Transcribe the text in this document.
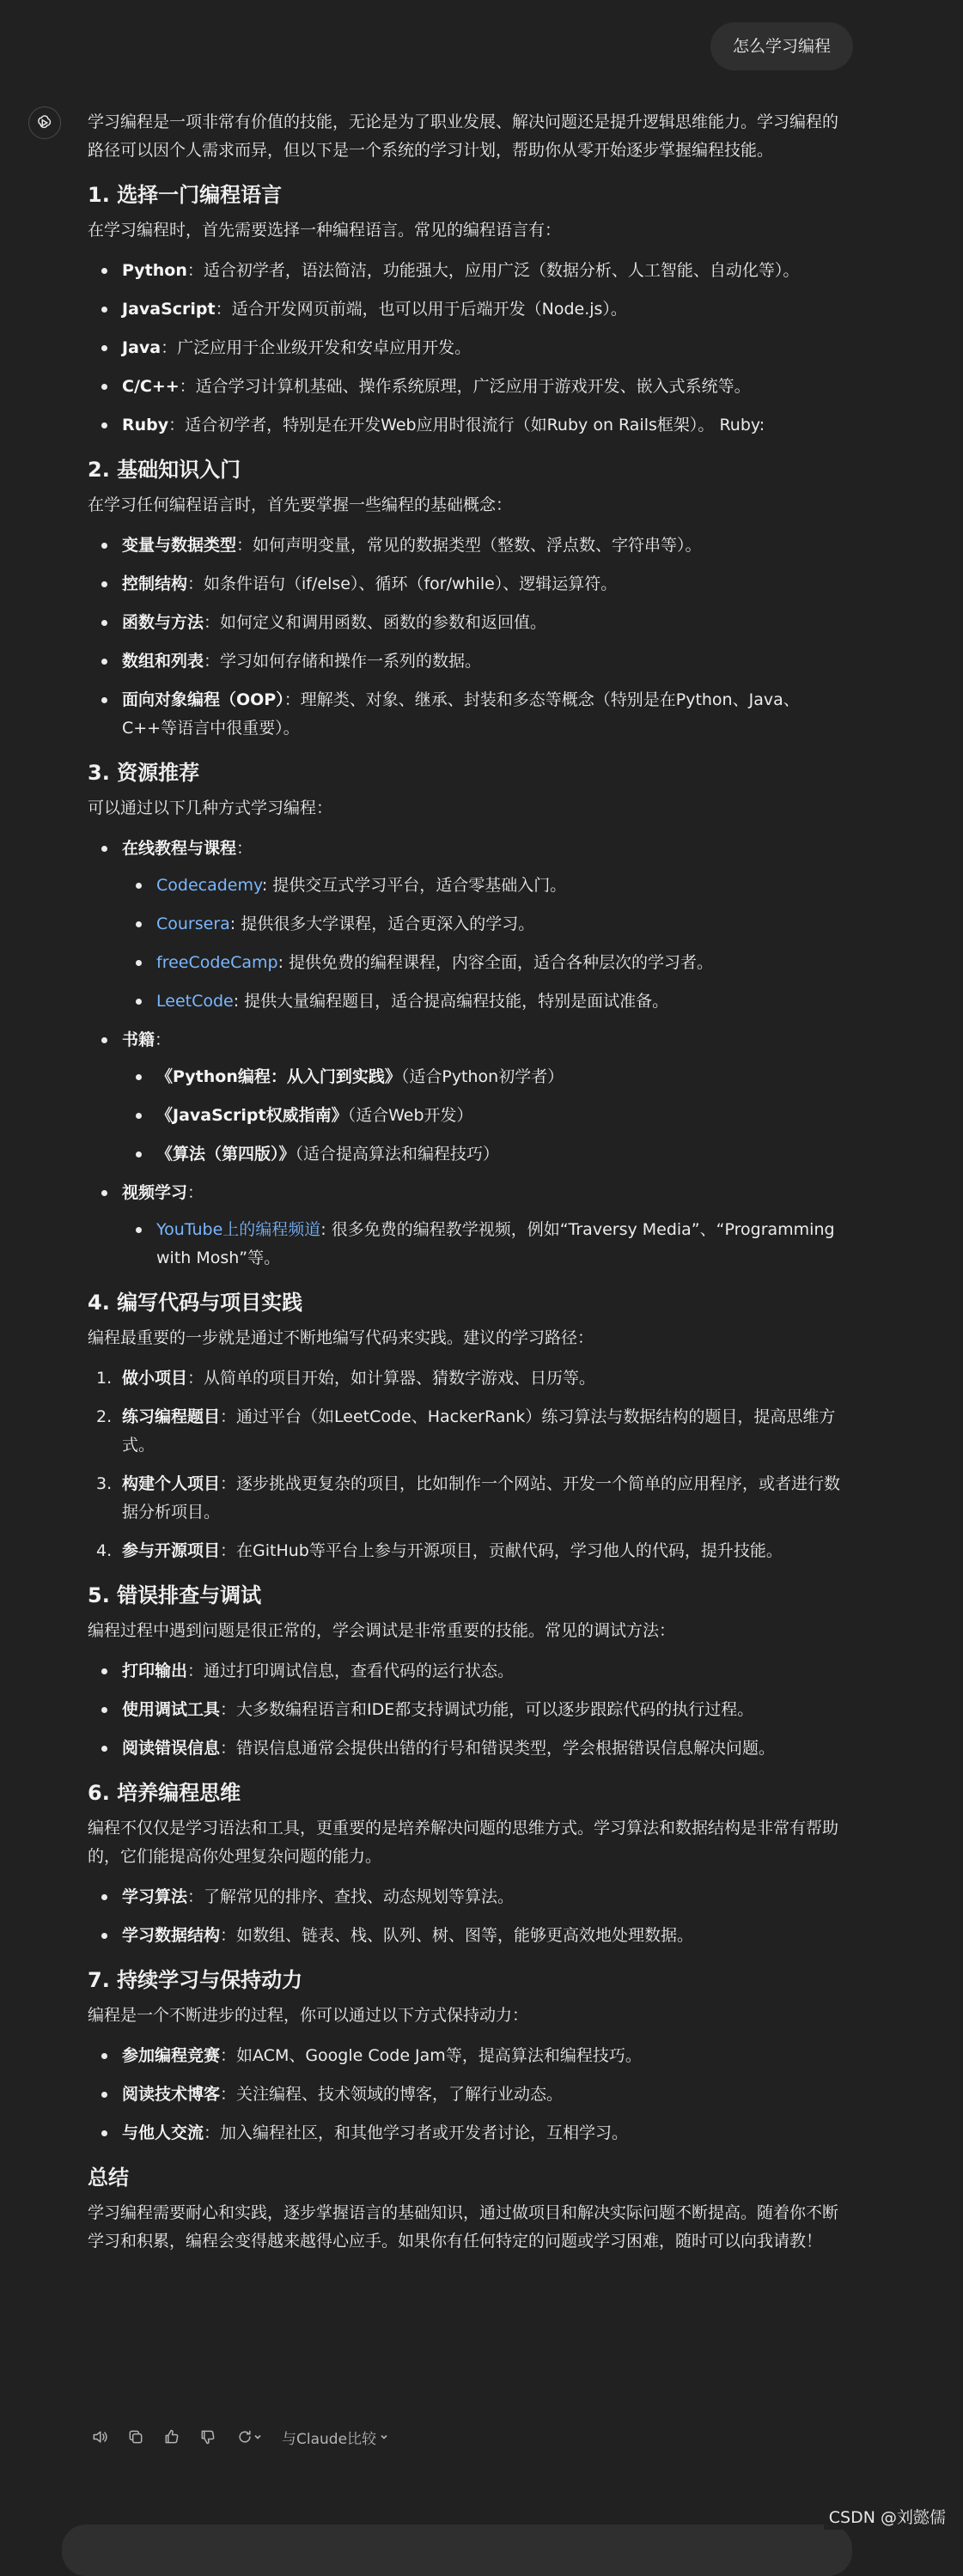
怎么学习编程

学习编程是一项非常有价值的技能，无论是为了职业发展、解决问题还是提升逻辑思维能力。学习编程的路径可以因个人需求而异，但以下是一个系统的学习计划，帮助你从零开始逐步掌握编程技能。

1. 选择一门编程语言

在学习编程时，首先需要选择一种编程语言。常见的编程语言有：

Python：适合初学者，语法简洁，功能强大，应用广泛（数据分析、人工智能、自动化等）。
JavaScript：适合开发网页前端，也可以用于后端开发（Node.js）。
Java：广泛应用于企业级开发和安卓应用开发。
C/C++：适合学习计算机基础、操作系统原理，广泛应用于游戏开发、嵌入式系统等。
Ruby：适合初学者，特别是在开发Web应用时很流行（如Ruby on Rails框架）。 Ruby:
2. 基础知识入门

在学习任何编程语言时，首先要掌握一些编程的基础概念：

变量与数据类型：如何声明变量，常见的数据类型（整数、浮点数、字符串等）。
控制结构：如条件语句（if/else）、循环（for/while）、逻辑运算符。
函数与方法：如何定义和调用函数、函数的参数和返回值。
数组和列表：学习如何存储和操作一系列的数据。
面向对象编程（OOP）：理解类、对象、继承、封装和多态等概念（特别是在Python、Java、C++等语言中很重要）。
3. 资源推荐

可以通过以下几种方式学习编程：

在线教程与课程：
Codecademy: 提供交互式学习平台，适合零基础入门。
Coursera: 提供很多大学课程，适合更深入的学习。
freeCodeCamp: 提供免费的编程课程，内容全面，适合各种层次的学习者。
LeetCode: 提供大量编程题目，适合提高编程技能，特别是面试准备。
书籍：
《Python编程：从入门到实践》（适合Python初学者）
《JavaScript权威指南》（适合Web开发）
《算法（第四版）》（适合提高算法和编程技巧）
视频学习：
YouTube上的编程频道: 很多免费的编程教学视频，例如“Traversy Media”、“Programming with Mosh”等。
4. 编写代码与项目实践

编程最重要的一步就是通过不断地编写代码来实践。建议的学习路径：

1. 做小项目：从简单的项目开始，如计算器、猜数字游戏、日历等。
2. 练习编程题目：通过平台（如LeetCode、HackerRank）练习算法与数据结构的题目，提高思维方式。
3. 构建个人项目：逐步挑战更复杂的项目，比如制作一个网站、开发一个简单的应用程序，或者进行数据分析项目。
4. 参与开源项目：在GitHub等平台上参与开源项目，贡献代码，学习他人的代码，提升技能。
5. 错误排查与调试

编程过程中遇到问题是很正常的，学会调试是非常重要的技能。常见的调试方法：

打印输出：通过打印调试信息，查看代码的运行状态。
使用调试工具：大多数编程语言和IDE都支持调试功能，可以逐步跟踪代码的执行过程。
阅读错误信息：错误信息通常会提供出错的行号和错误类型，学会根据错误信息解决问题。
6. 培养编程思维

编程不仅仅是学习语法和工具，更重要的是培养解决问题的思维方式。学习算法和数据结构是非常有帮助的，它们能提高你处理复杂问题的能力。

学习算法：了解常见的排序、查找、动态规划等算法。
学习数据结构：如数组、链表、栈、队列、树、图等，能够更高效地处理数据。
7. 持续学习与保持动力

编程是一个不断进步的过程，你可以通过以下方式保持动力：

参加编程竞赛：如ACM、Google Code Jam等，提高算法和编程技巧。
阅读技术博客：关注编程、技术领域的博客，了解行业动态。
与他人交流：加入编程社区，和其他学习者或开发者讨论，互相学习。
总结

学习编程需要耐心和实践，逐步掌握语言的基础知识，通过做项目和解决实际问题不断提高。随着你不断学习和积累，编程会变得越来越得心应手。如果你有任何特定的问题或学习困难，随时可以向我请教！

与Claude比较
CSDN @刘懿儒
